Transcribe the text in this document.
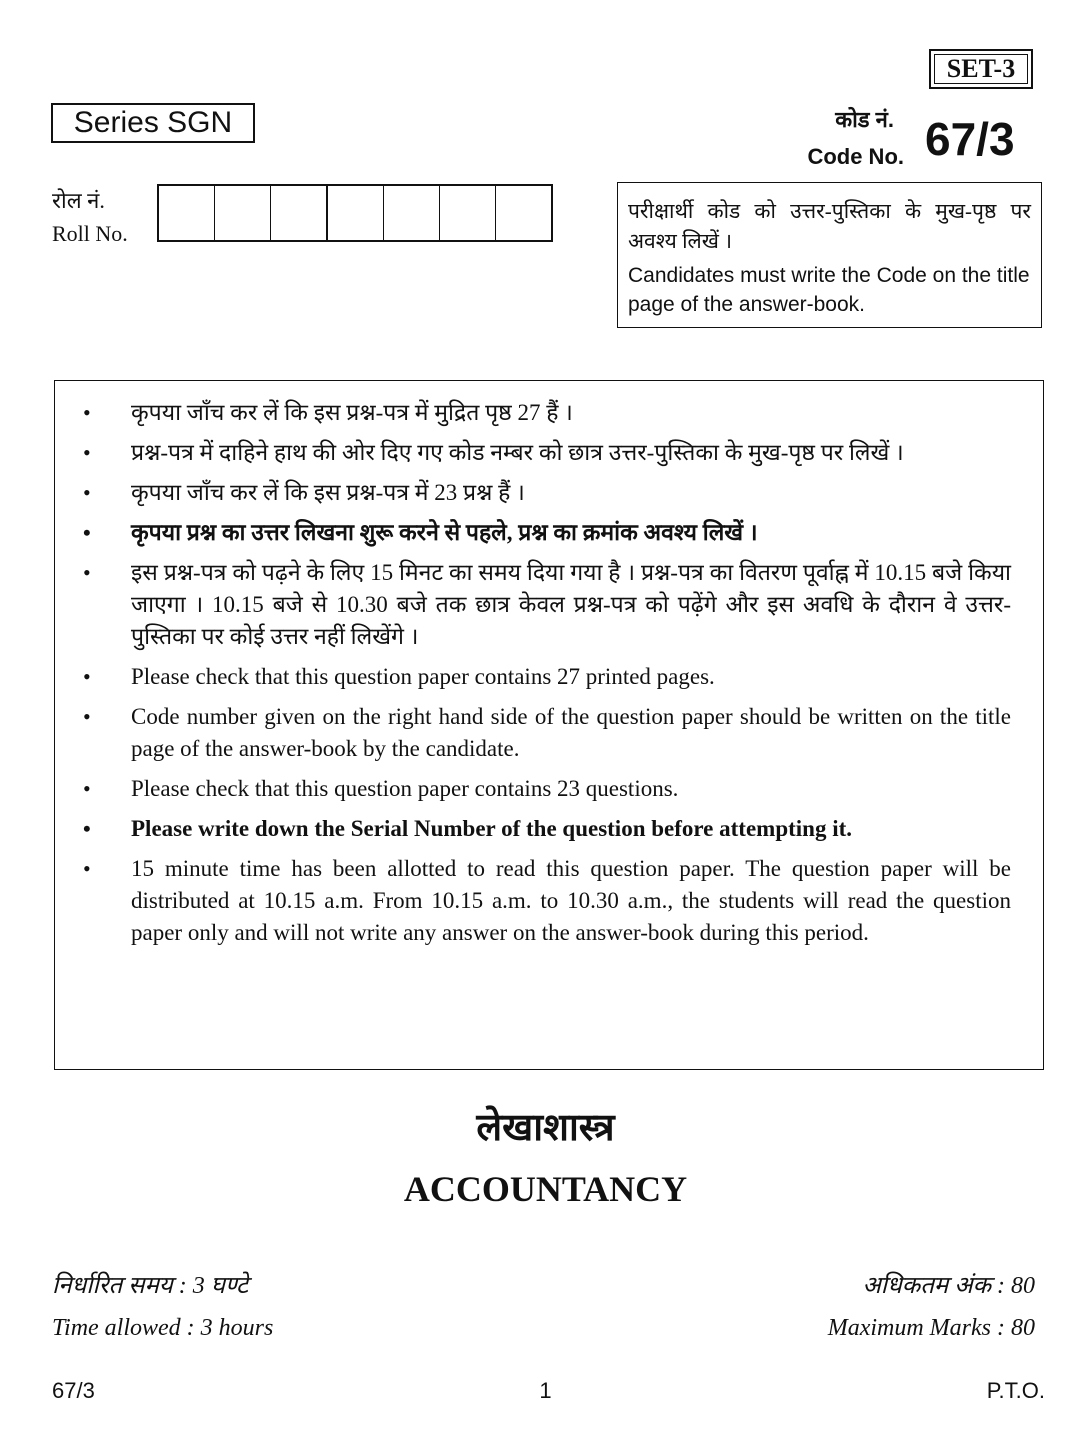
SET-3
Series SGN	कोड नं.
Code No. 67/3
रोल नं.
Roll No.
परीक्षार्थी कोड को उत्तर-पुस्तिका के मुख-पृष्ठ पर अवश्य लिखें ।
Candidates must write the Code on the title page of the answer-book.
• कृपया जाँच कर लें कि इस प्रश्न-पत्र में मुद्रित पृष्ठ 27 हैं ।
• प्रश्न-पत्र में दाहिने हाथ की ओर दिए गए कोड नम्बर को छात्र उत्तर-पुस्तिका के मुख-पृष्ठ पर लिखें ।
• कृपया जाँच कर लें कि इस प्रश्न-पत्र में 23 प्रश्न हैं ।
• कृपया प्रश्न का उत्तर लिखना शुरू करने से पहले, प्रश्न का क्रमांक अवश्य लिखें ।
• इस प्रश्न-पत्र को पढ़ने के लिए 15 मिनट का समय दिया गया है । प्रश्न-पत्र का वितरण पूर्वाह्न में 10.15 बजे किया जाएगा । 10.15 बजे से 10.30 बजे तक छात्र केवल प्रश्न-पत्र को पढ़ेंगे और इस अवधि के दौरान वे उत्तर-पुस्तिका पर कोई उत्तर नहीं लिखेंगे ।
• Please check that this question paper contains 27 printed pages.
• Code number given on the right hand side of the question paper should be written on the title page of the answer-book by the candidate.
• Please check that this question paper contains 23 questions.
• Please write down the Serial Number of the question before attempting it.
• 15 minute time has been allotted to read this question paper. The question paper will be distributed at 10.15 a.m. From 10.15 a.m. to 10.30 a.m., the students will read the question paper only and will not write any answer on the answer-book during this period.
लेखाशास्त्र
ACCOUNTANCY
निर्धारित समय : 3 घण्टे	अधिकतम अंक : 80
Time allowed : 3 hours	Maximum Marks : 80
67/3	1	P.T.O.
